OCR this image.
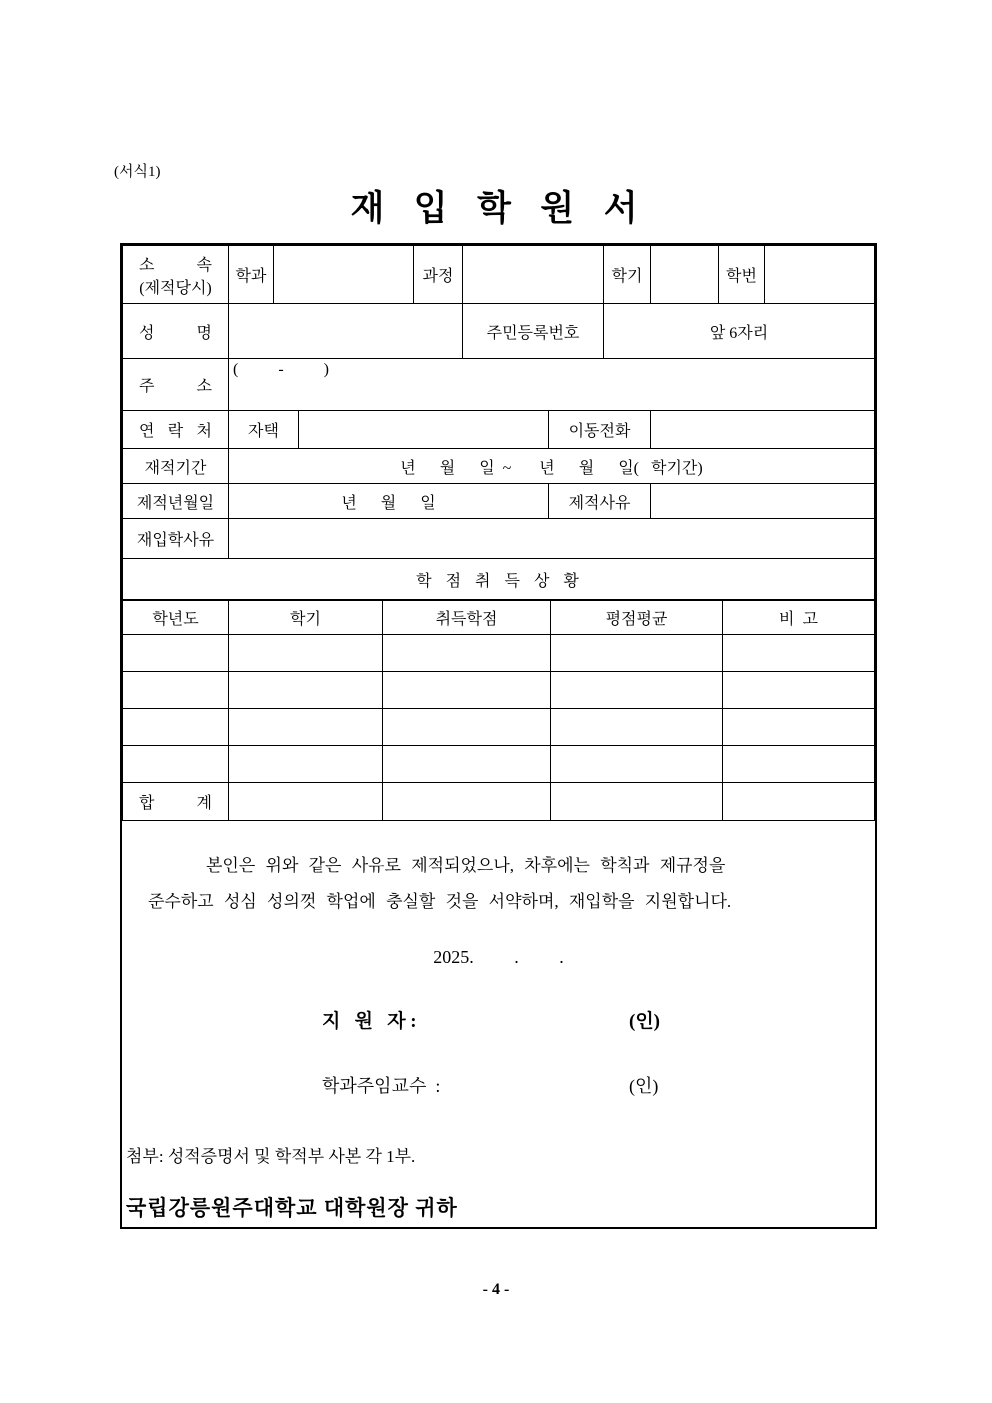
(서식1)
재  입  학  원  서
소 속
(제적당시)	학과			과정			학기		학번	

성 명					주민등록번호		앞 6자리			

주 소	(          -          )									

연 락 처	자택					이동전화				
재적기간	년      월      일  ~       년      월      일(   학기간)									
제적년월일	년      월      일					제적사유				
재입학사유										
학  점  취  득  상  황										
학년도	학기	취득학점	평점평균	비  고

합 계				

본인은 위와 같은 사유로 제적되었으나, 차후에는 학칙과 제규정을
준수하고 성심 성의껏 학업에 충실할 것을 서약하며, 재입학을 지원합니다.
2025.         .         .
지   원   자 :	(인)
학과주임교수  :	(인)
첨부: 성적증명서 및 학적부 사본 각 1부.
국립강릉원주대학교 대학원장 귀하
- 4 -
